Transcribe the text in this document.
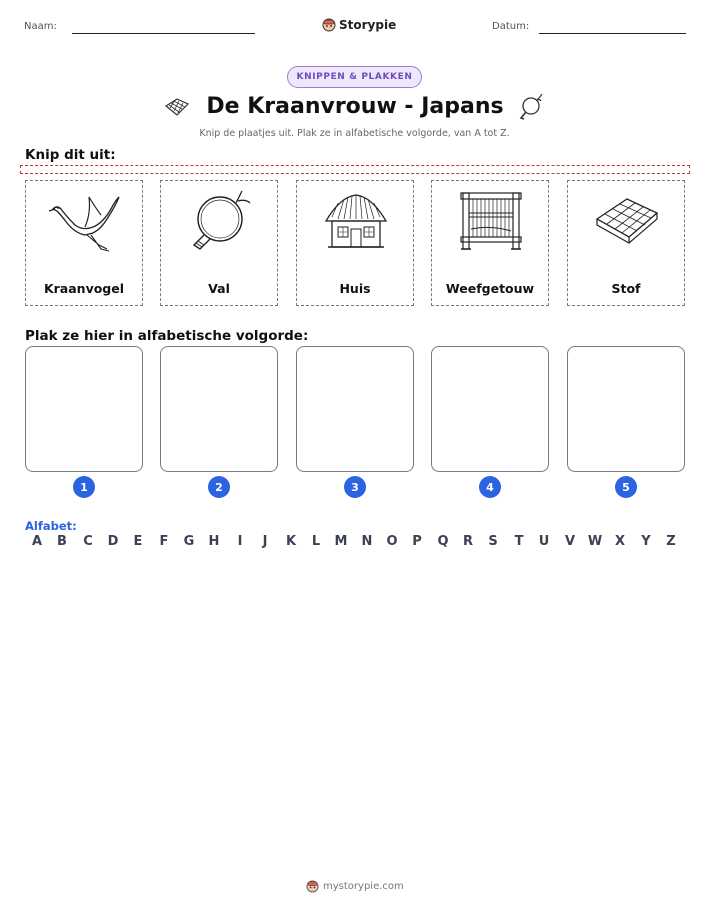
Naam:	Storypie	Datum:
KNIPPEN & PLAKKEN
De Kraanvrouw - Japans
Knip de plaatjes uit. Plak ze in alfabetische volgorde, van A tot Z.
Knip dit uit:
Kraanvogel	Val	Huis	Weefgetouw	Stof
Plak ze hier in alfabetische volgorde:
1	2	3	4	5
Alfabet:
A	B	C	D	E	F	G	H	I	J	K	L	M	N	O	P	Q	R	S	T	U	V W X	Y	Z
mystorypie.com
